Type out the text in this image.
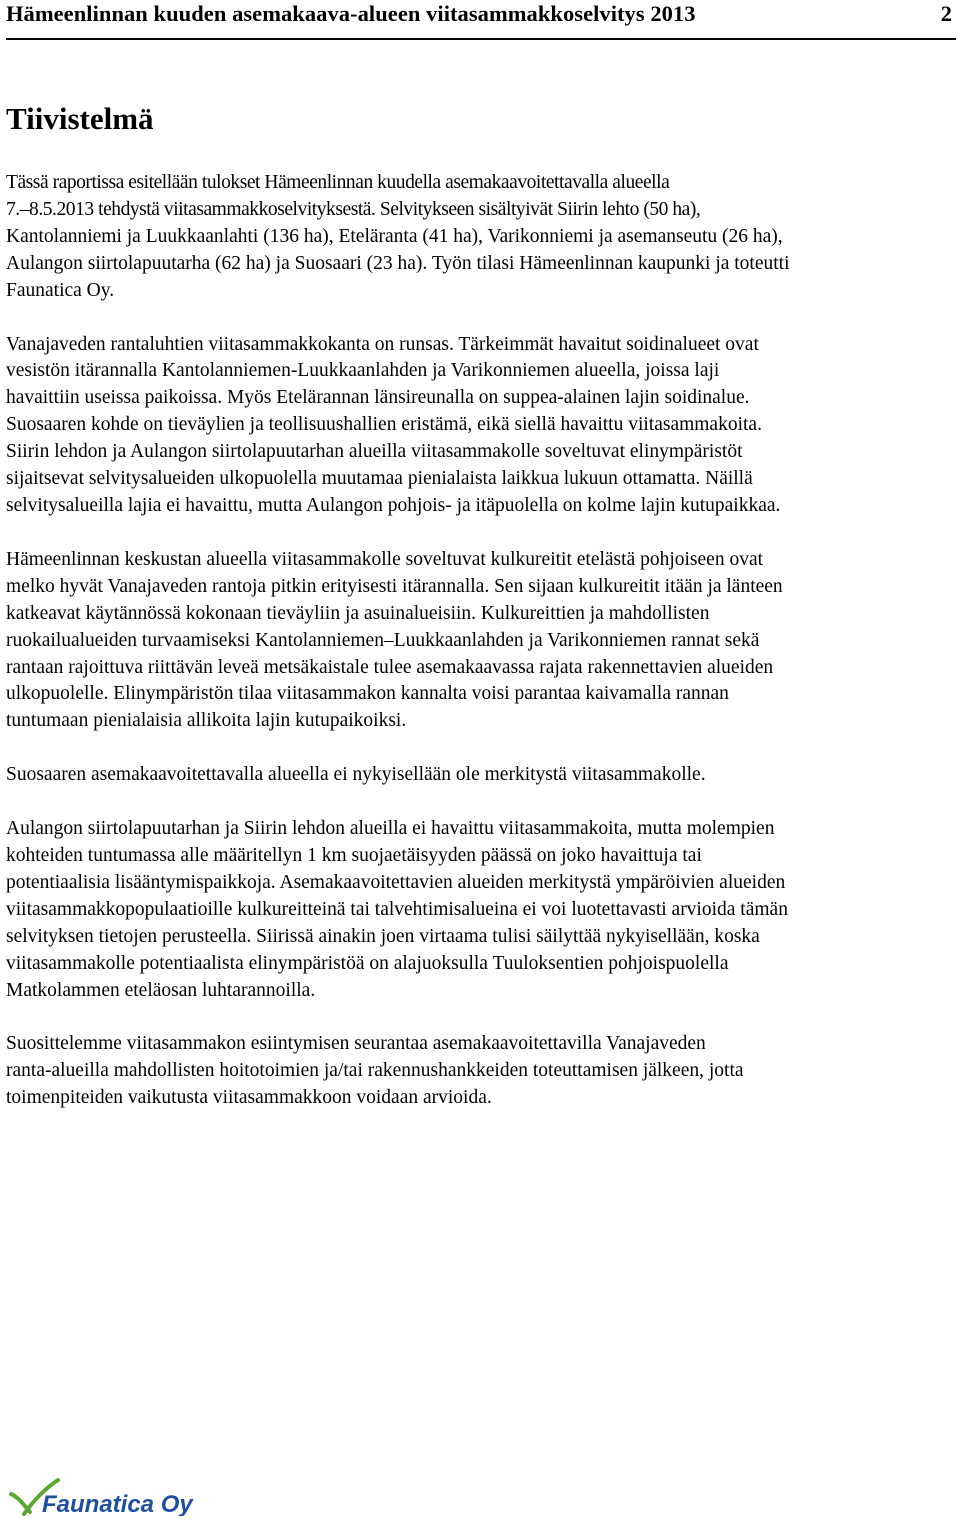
Hämeenlinnan kuuden asemakaava-alueen viitasammakkoselvitys 2013	2
Tiivistelmä

Tässä raportissa esitellään tulokset Hämeenlinnan kuudella asemakaavoitettavalla alueella
7.–8.5.2013 tehdystä viitasammakkoselvityksestä. Selvitykseen sisältyivät Siirin lehto (50 ha),
Kantolanniemi ja Luukkaanlahti (136 ha), Eteläranta (41 ha), Varikonniemi ja asemanseutu (26 ha),
Aulangon siirtolapuutarha (62 ha) ja Suosaari (23 ha). Työn tilasi Hämeenlinnan kaupunki ja toteutti
Faunatica Oy.

Vanajaveden rantaluhtien viitasammakkokanta on runsas. Tärkeimmät havaitut soidinalueet ovat
vesistön itärannalla Kantolanniemen-Luukkaanlahden ja Varikonniemen alueella, joissa laji
havaittiin useissa paikoissa. Myös Etelärannan länsireunalla on suppea-alainen lajin soidinalue.
Suosaaren kohde on tieväylien ja teollisuushallien eristämä, eikä siellä havaittu viitasammakoita.
Siirin lehdon ja Aulangon siirtolapuutarhan alueilla viitasammakolle soveltuvat elinympäristöt
sijaitsevat selvitysalueiden ulkopuolella muutamaa pienialaista laikkua lukuun ottamatta. Näillä
selvitysalueilla lajia ei havaittu, mutta Aulangon pohjois- ja itäpuolella on kolme lajin kutupaikkaa.

Hämeenlinnan keskustan alueella viitasammakolle soveltuvat kulkureitit etelästä pohjoiseen ovat
melko hyvät Vanajaveden rantoja pitkin erityisesti itärannalla. Sen sijaan kulkureitit itään ja länteen
katkeavat käytännössä kokonaan tieväyliin ja asuinalueisiin. Kulkureittien ja mahdollisten
ruokailualueiden turvaamiseksi Kantolanniemen–Luukkaanlahden ja Varikonniemen rannat sekä
rantaan rajoittuva riittävän leveä metsäkaistale tulee asemakaavassa rajata rakennettavien alueiden
ulkopuolelle. Elinympäristön tilaa viitasammakon kannalta voisi parantaa kaivamalla rannan
tuntumaan pienialaisia allikoita lajin kutupaikoiksi.

Suosaaren asemakaavoitettavalla alueella ei nykyisellään ole merkitystä viitasammakolle.

Aulangon siirtolapuutarhan ja Siirin lehdon alueilla ei havaittu viitasammakoita, mutta molempien
kohteiden tuntumassa alle määritellyn 1 km suojaetäisyyden päässä on joko havaittuja tai
potentiaalisia lisääntymispaikkoja. Asemakaavoitettavien alueiden merkitystä ympäröivien alueiden
viitasammakkopopulaatioille kulkureitteinä tai talvehtimisalueina ei voi luotettavasti arvioida tämän
selvityksen tietojen perusteella. Siirissä ainakin joen virtaama tulisi säilyttää nykyisellään, koska
viitasammakolle potentiaalista elinympäristöä on alajuoksulla Tuuloksentien pohjoispuolella
Matkolammen eteläosan luhtarannoilla.

Suosittelemme viitasammakon esiintymisen seurantaa asemakaavoitettavilla Vanajaveden
ranta-alueilla mahdollisten hoitotoimien ja/tai rakennushankkeiden toteuttamisen jälkeen, jotta
toimenpiteiden vaikutusta viitasammakkoon voidaan arvioida.

Faunatica Oy
